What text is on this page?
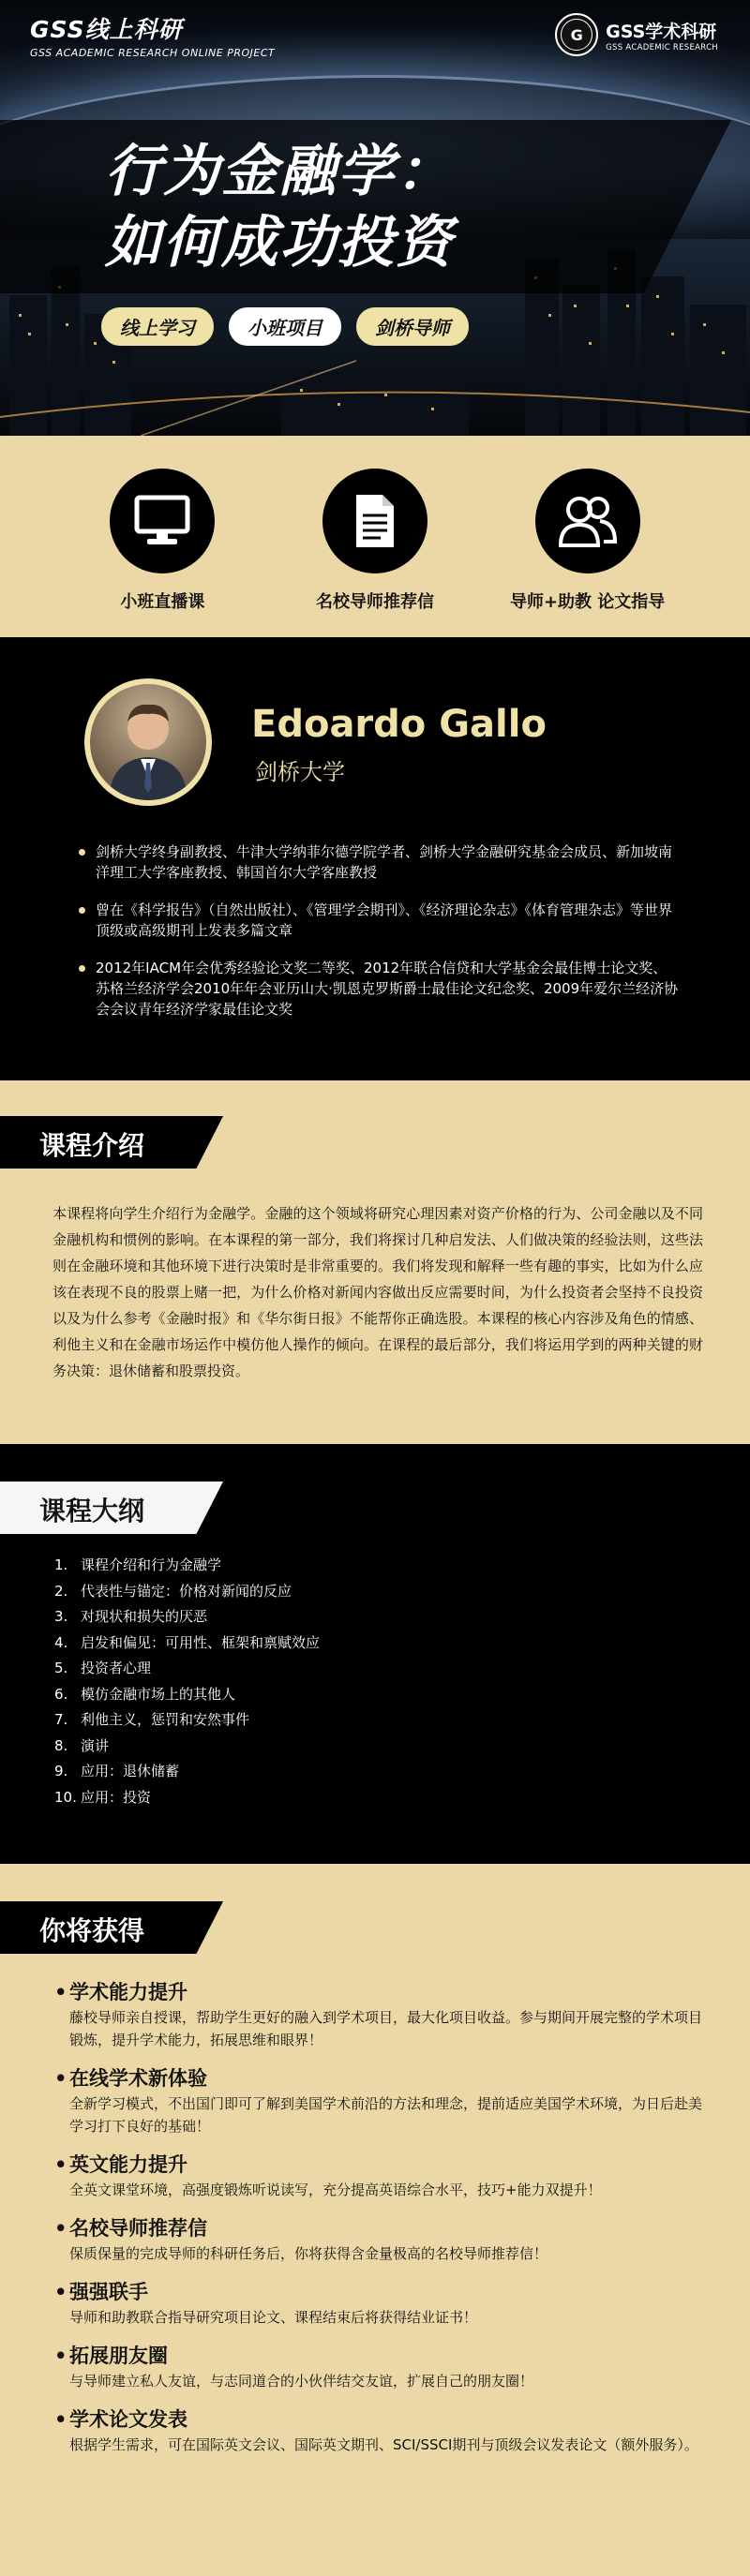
GSS线上科研
GSS ACADEMIC RESEARCH ONLINE PROJECT
G	GSS学术科研
GSS ACADEMIC RESEARCH
行为金融学：
如何成功投资
线上学习	小班项目	剑桥导师
小班直播课	名校导师推荐信	导师+助教 论文指导
Edoardo Gallo
剑桥大学
剑桥大学终身副教授、牛津大学纳菲尔德学院学者、剑桥大学金融研究基金会成员、新加坡南洋理工大学客座教授、韩国首尔大学客座教授
曾在《科学报告》（自然出版社）、《管理学会期刊》、《经济理论杂志》《体育管理杂志》等世界顶级或高级期刊上发表多篇文章
2012年IACM年会优秀经验论文奖二等奖、2012年联合信贷和大学基金会最佳博士论文奖、苏格兰经济学会2010年年会亚历山大·凯恩克罗斯爵士最佳论文纪念奖、2009年爱尔兰经济协会会议青年经济学家最佳论文奖
课程介绍

本课程将向学生介绍行为金融学。金融的这个领域将研究心理因素对资产价格的行为、公司金融以及不同金融机构和惯例的影响。在本课程的第一部分，我们将探讨几种启发法、人们做决策的经验法则，这些法则在金融环境和其他环境下进行决策时是非常重要的。我们将发现和解释一些有趣的事实，比如为什么应该在表现不良的股票上赌一把，为什么价格对新闻内容做出反应需要时间，为什么投资者会坚持不良投资以及为什么参考《金融时报》和《华尔街日报》不能帮你正确选股。本课程的核心内容涉及角色的情感、利他主义和在金融市场运作中模仿他人操作的倾向。在课程的最后部分，我们将运用学到的两种关键的财务决策：退休储蓄和股票投资。

课程大纲
1. 课程介绍和行为金融学
2. 代表性与锚定：价格对新闻的反应
3. 对现状和损失的厌恶
4. 启发和偏见：可用性、框架和禀赋效应
5. 投资者心理
6. 模仿金融市场上的其他人
7. 利他主义，惩罚和安然事件
8. 演讲
9. 应用：退休储蓄
10. 应用：投资
你将获得
• 学术能力提升
藤校导师亲自授课，帮助学生更好的融入到学术项目，最大化项目收益。参与期间开展完整的学术项目锻炼，提升学术能力，拓展思维和眼界！
• 在线学术新体验
全新学习模式，不出国门即可了解到美国学术前沿的方法和理念，提前适应美国学术环境，为日后赴美学习打下良好的基础！
• 英文能力提升
全英文课堂环境，高强度锻炼听说读写，充分提高英语综合水平，技巧+能力双提升！
• 名校导师推荐信
保质保量的完成导师的科研任务后，你将获得含金量极高的名校导师推荐信！
• 强强联手
导师和助教联合指导研究项目论文、课程结束后将获得结业证书！
• 拓展朋友圈
与导师建立私人友谊，与志同道合的小伙伴结交友谊，扩展自己的朋友圈！
• 学术论文发表
根据学生需求，可在国际英文会议、国际英文期刊、SCI/SSCI期刊与顶级会议发表论文（额外服务）。
